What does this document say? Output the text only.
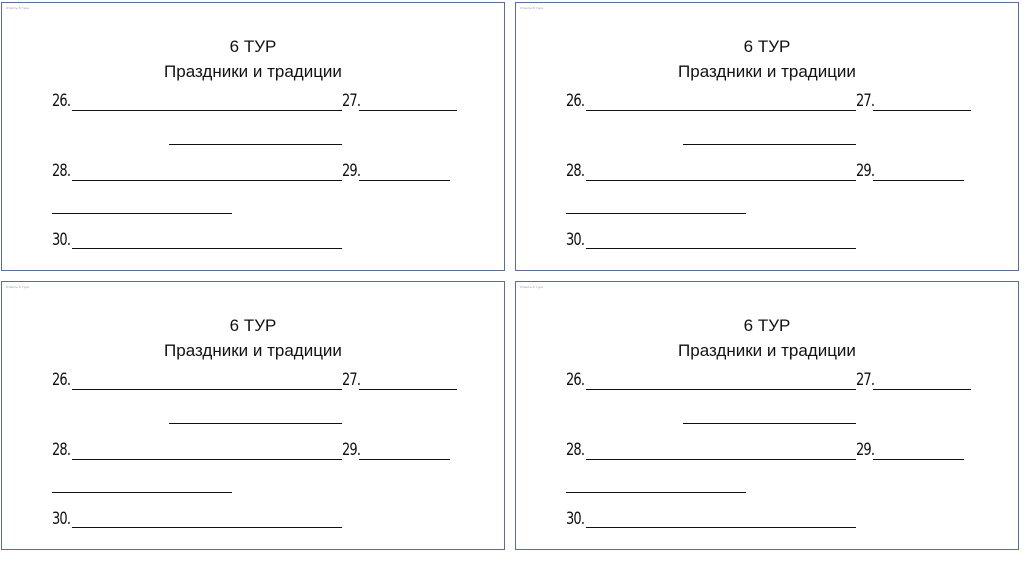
Ответы 6 тура
6 ТУР
Праздники и традиции
26.	27.
28.	29.
30.
Ответы 6 тура
6 ТУР
Праздники и традиции
26.	27.
28.	29.
30.
Ответы 6 тура
6 ТУР
Праздники и традиции
26.	27.
28.	29.
30.
Ответы 6 тура
6 ТУР
Праздники и традиции
26.	27.
28.	29.
30.
